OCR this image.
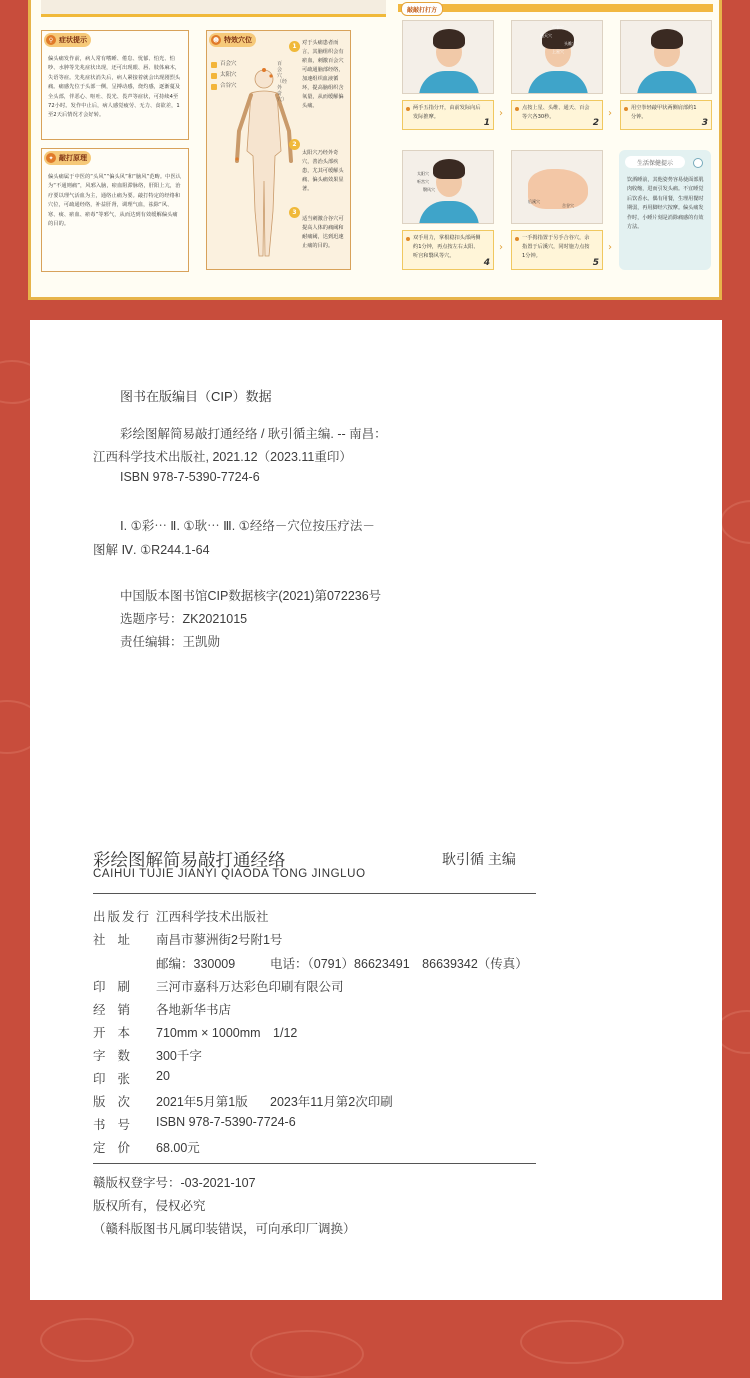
⚲ 症状提示
偏头痛发作前，病人常有嗜睡、倦怠、忧郁、怕光、怕吵、水肿等先兆症状出现，还可出现眼、唇、肢体麻木，失语等症。先兆症状消失后，病人紧接着就会出现剧烈头痛。痛感先位于头部一侧，呈搏动感，烧灼感，逐渐蔓及全头部，伴恶心、呕吐、畏光、畏声等症状，可持续4至72小时。发作中止后，病人感觉疲劳、无力、食欲差，1至2天后情况才会好转。
✦ 敲打原理
偏头痛属于中医的“头风”“偏头风”和“脑风”范畴。中医认为“不通则痛”，风邪入脑，瘀血阻滞脉络，肝阳上亢，治疗要以理气活血为主，通络止痛为要。敲打特定的经络和穴位，可疏通经络，补益肝肾，调理气血，祛除“风、寒、痰、瘀血、瘀毒”等邪气，从而达到有效缓解偏头痛的目的。
☻ 特效穴位
百会穴
太阳穴
合谷穴
百会穴（经外奇穴）
1	对于头痛患者而言，其脑组织会有瘀血，刺激百会穴可疏通脑部经络，加速组织血液循环，提高脑组织含氧量，从而缓解偏头痛。
2
太阳穴乃经外奇穴，善治头部疾患，尤其可缓解头痛、偏头痛效果显著。
3
适当刺激合谷穴可提高人体的痛阈和耐痛阈，达到迅速止痛的目的。
敲敲打打方
百会穴
通天穴
头维穴
上星穴
两手五指分开，由前发际向后发际推摩。
1
点按上星、头维、通天、百会等穴各30秒。
2
用空拳轻敲甲状两侧肩部约1分钟。
3
›	›
太阳穴
听宫穴
翳风穴
后溪穴
合谷穴
双手用力，掌根稳扣头部两侧约1分钟，再点按左右太阳、听宫和翳风等穴。
4
一手拇指置于另手合谷穴，余指置于后溪穴，同时施力点按1分钟。
5
›	›
生活保健提示
饮酒睡前，其他姿势容易使面部肌肉收缩，进而引发头痛。不宜睡觉后饮香水。偶有用餐，生理用餐时期弱，再用脚经穴按摩。偏头痛发作时，小睡片刻是消除痛感的有效方法。
图书在版编目（CIP）数据
彩绘图解简易敲打通经络 / 耿引循主编. -- 南昌：
江西科学技术出版社, 2021.12（2023.11重印）
ISBN 978-7-5390-7724-6
Ⅰ. ①彩⋯ Ⅱ. ①耿⋯ Ⅲ. ①经络－穴位按压疗法－
图解 Ⅳ. ①R244.1-64
中国版本图书馆CIP数据核字(2021)第072236号
选题序号：ZK2021015
责任编辑：王凯勋
彩绘图解简易敲打通经络	耿引循 主编
CAIHUI TUJIE JIANYI QIAODA TONG JINGLUO
出版发行 江西科学技术出版社
社址 南昌市蓼洲街2号附1号
邮编：330009	电话：（0791）86623491　86639342（传真）
印刷 三河市嘉科万达彩色印刷有限公司
经销 各地新华书店
开本 710mm × 1000mm　1/12
字数 300千字
印张 20
版次 2021年5月第1版 2023年11月第2次印刷
书号 ISBN 978-7-5390-7724-6
定价 68.00元
赣版权登字号：-03-2021-107
版权所有，侵权必究
（赣科版图书凡属印装错误，可向承印厂调换）
